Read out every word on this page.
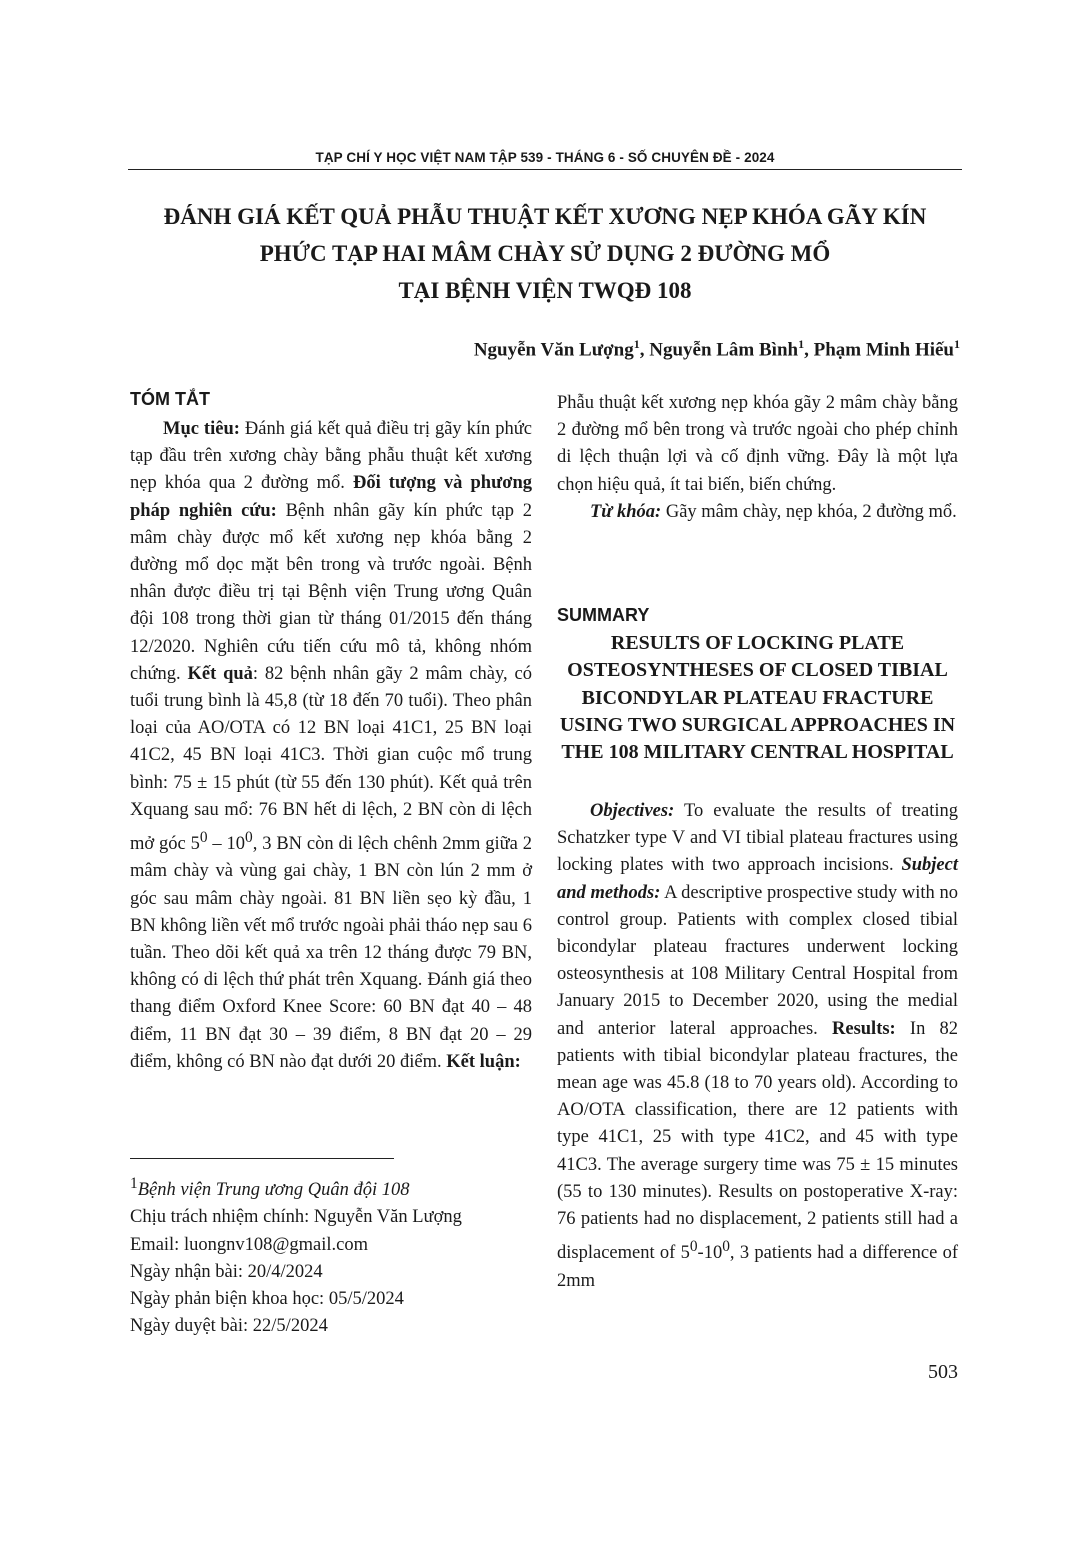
TẠP CHÍ Y HỌC VIỆT NAM TẬP 539 - THÁNG 6 - SỐ CHUYÊN ĐỀ - 2024
ĐÁNH GIÁ KẾT QUẢ PHẪU THUẬT KẾT XƯƠNG NẸP KHÓA GÃY KÍN
PHỨC TẠP HAI MÂM CHÀY SỬ DỤNG 2 ĐƯỜNG MỔ
TẠI BỆNH VIỆN TWQĐ 108
Nguyễn Văn Lượng$^1$, Nguyễn Lâm Bình$^1$, Phạm Minh Hiếu$^1$
TÓM TẮT

Mục tiêu: Đánh giá kết quả điều trị gãy kín phức tạp đầu trên xương chày bằng phẫu thuật kết xương nẹp khóa qua 2 đường mổ. Đối tượng và phương pháp nghiên cứu: Bệnh nhân gãy kín phức tạp 2 mâm chày được mổ kết xương nẹp khóa bằng 2 đường mổ dọc mặt bên trong và trước ngoài. Bệnh nhân được điều trị tại Bệnh viện Trung ương Quân đội 108 trong thời gian từ tháng 01/2015 đến tháng 12/2020. Nghiên cứu tiến cứu mô tả, không nhóm chứng. Kết quả: 82 bệnh nhân gãy 2 mâm chày, có tuổi trung bình là 45,8 (từ 18 đến 70 tuổi). Theo phân loại của AO/OTA có 12 BN loại 41C1, 25 BN loại 41C2, 45 BN loại 41C3. Thời gian cuộc mổ trung bình: 75 ± 15 phút (từ 55 đến 130 phút). Kết quả trên Xquang sau mổ: 76 BN hết di lệch, 2 BN còn di lệch mở góc $5^0 - 10^0$, 3 BN còn di lệch chênh 2mm giữa 2 mâm chày và vùng gai chày, 1 BN còn lún 2 mm ở góc sau mâm chày ngoài. 81 BN liền sẹo kỳ đầu, 1 BN không liền vết mổ trước ngoài phải tháo nẹp sau 6 tuần. Theo dõi kết quả xa trên 12 tháng được 79 BN, không có di lệch thứ phát trên Xquang. Đánh giá theo thang điểm Oxford Knee Score: 60 BN đạt 40 – 48 điểm, 11 BN đạt 30 – 39 điểm, 8 BN đạt 20 – 29 điểm, không có BN nào đạt dưới 20 điểm. Kết luận:

$^1$Bệnh viện Trung ương Quân đội 108
Chịu trách nhiệm chính: Nguyễn Văn Lượng
Email: luongnv108@gmail.com
Ngày nhận bài: 20/4/2024
Ngày phản biện khoa học: 05/5/2024
Ngày duyệt bài: 22/5/2024

Phẫu thuật kết xương nẹp khóa gãy 2 mâm chày bằng 2 đường mổ bên trong và trước ngoài cho phép chỉnh di lệch thuận lợi và cố định vững. Đây là một lựa chọn hiệu quả, ít tai biến, biến chứng.

Từ khóa: Gãy mâm chày, nẹp khóa, 2 đường mổ.

SUMMARY
RESULTS OF LOCKING PLATE OSTEOSYNTHESES OF CLOSED TIBIAL BICONDYLAR PLATEAU FRACTURE USING TWO SURGICAL APPROACHES IN THE 108 MILITARY CENTRAL HOSPITAL

Objectives: To evaluate the results of treating Schatzker type V and VI tibial plateau fractures using locking plates with two approach incisions. Subject and methods: A descriptive prospective study with no control group. Patients with complex closed tibial bicondylar plateau fractures underwent locking osteosynthesis at 108 Military Central Hospital from January 2015 to December 2020, using the medial and anterior lateral approaches. Results: In 82 patients with tibial bicondylar plateau fractures, the mean age was 45.8 (18 to 70 years old). According to AO/OTA classification, there are 12 patients with type 41C1, 25 with type 41C2, and 45 with type 41C3. The average surgery time was 75 ± 15 minutes (55 to 130 minutes). Results on postoperative X-ray: 76 patients had no displacement, 2 patients still had a displacement of $5^0-10^0$, 3 patients had a difference of 2mm

503
